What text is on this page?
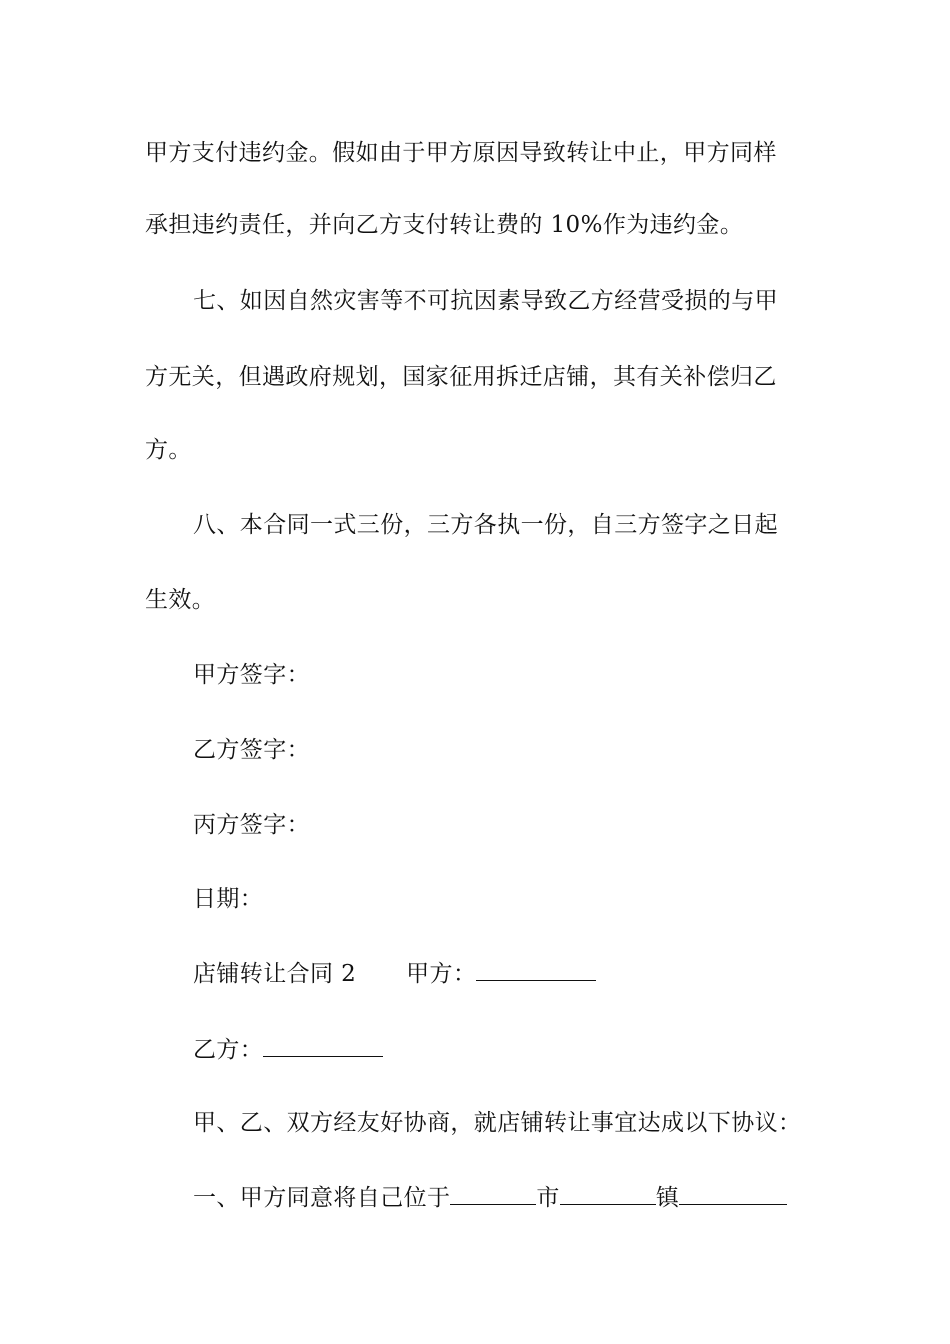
甲方支付违约金。假如由于甲方原因导致转让中止，甲方同样
承担违约责任，并向乙方支付转让费的 10%作为违约金。
七、如因自然灾害等不可抗因素导致乙方经营受损的与甲
方无关，但遇政府规划，国家征用拆迁店铺，其有关补偿归乙
方。
八、本合同一式三份，三方各执一份，自三方签字之日起
生效。
甲方签字：
乙方签字：
丙方签字：
日期：
店铺转让合同 2 甲方：
乙方：
甲、乙、双方经友好协商，就店铺转让事宜达成以下协议：
一、甲方同意将自己位于	市	镇
